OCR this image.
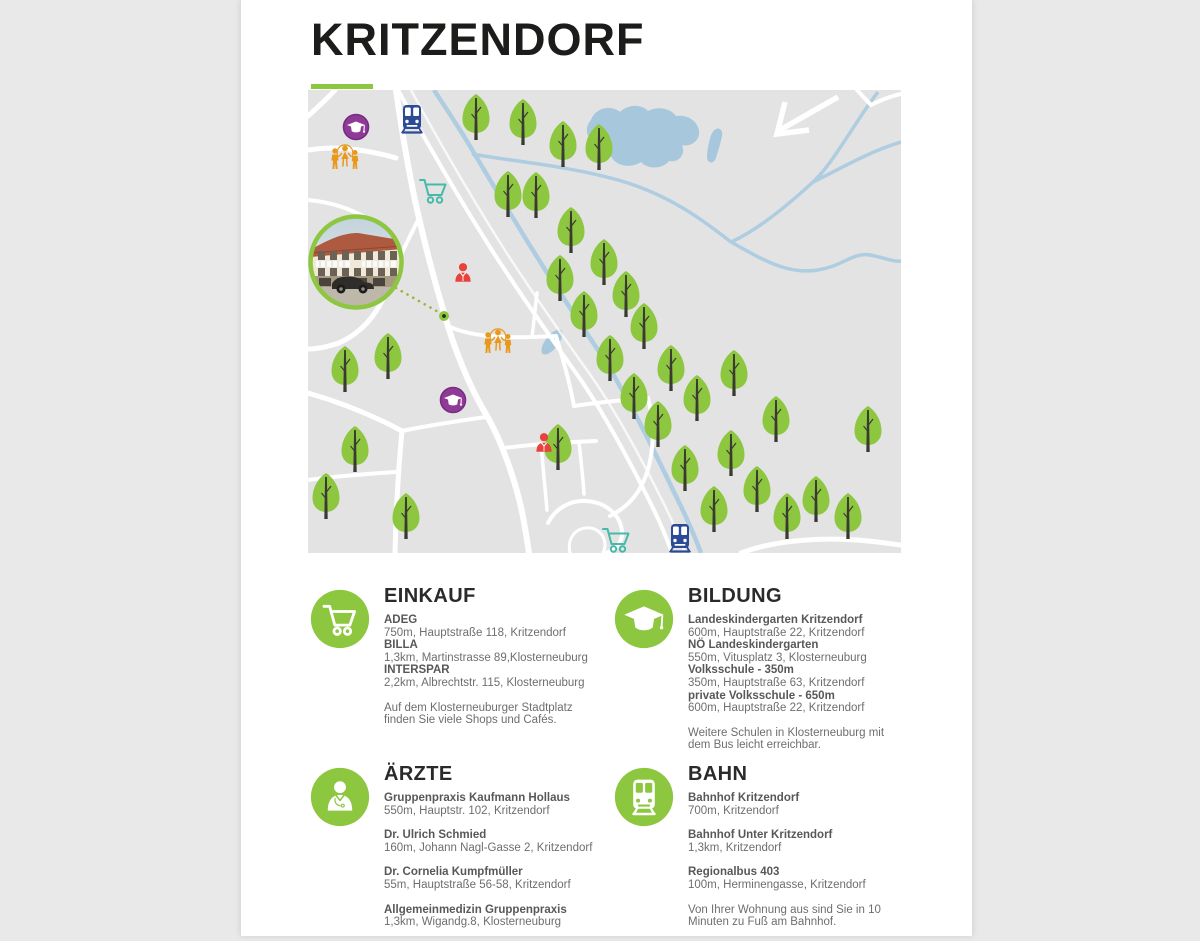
KRITZENDORF
EINKAUF
ADEG
750m, Hauptstraße 118, Kritzendorf
BILLA
1,3km, Martinstrasse 89,Klosterneuburg
INTERSPAR
2,2km, Albrechtstr. 115, Klosterneuburg
Auf dem Klosterneuburger Stadtplatz finden Sie viele Shops und Cafés.
BILDUNG
Landeskindergarten Kritzendorf
600m, Hauptstraße 22, Kritzendorf
NÖ Landeskindergarten
550m, Vitusplatz 3, Klosterneuburg
Volksschule - 350m
350m, Hauptstraße 63, Kritzendorf
private Volksschule - 650m
600m, Hauptstraße 22, Kritzendorf
Weitere Schulen in Klosterneuburg mit dem Bus leicht erreichbar.
ÄRZTE
Gruppenpraxis Kaufmann Hollaus
550m, Hauptstr. 102, Kritzendorf
Dr. Ulrich Schmied
160m, Johann Nagl-Gasse 2, Kritzendorf
Dr. Cornelia Kumpfmüller
55m, Hauptstraße 56-58, Kritzendorf
Allgemeinmedizin Gruppenpraxis
1,3km, Wigandg.8, Klosterneuburg
BAHN
Bahnhof Kritzendorf
700m, Kritzendorf
Bahnhof Unter Kritzendorf
1,3km, Kritzendorf
Regionalbus 403
100m, Herminengasse, Kritzendorf
Von Ihrer Wohnung aus sind Sie in 10 Minuten zu Fuß am Bahnhof.
